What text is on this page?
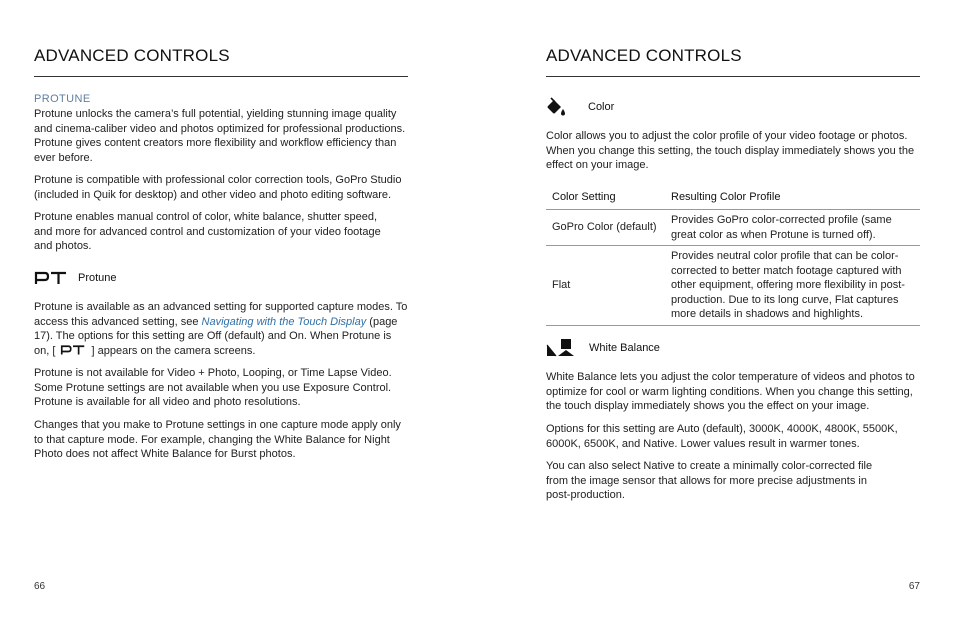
ADVANCED CONTROLS
PROTUNE

Protune unlocks the camera’s full potential, yielding stunning image quality and cinema-caliber video and photos optimized for professional productions. Protune gives content creators more flexibility and workflow efficiency than ever before.

Protune is compatible with professional color correction tools, GoPro Studio (included in Quik for desktop) and other video and photo editing software.

Protune enables manual control of color, white balance, shutter speed, and more for advanced control and customization of your video footage and photos.

Protune

Protune is available as an advanced setting for supported capture modes. To access this advanced setting, see Navigating with the Touch Display (page 17). The options for this setting are Off (default) and On. When Protune is on, [	] appears on the camera screens.

Protune is not available for Video + Photo, Looping, or Time Lapse Video. Some Protune settings are not available when you use Exposure Control. Protune is available for all video and photo resolutions.

Changes that you make to Protune settings in one capture mode apply only to that capture mode. For example, changing the White Balance for Night Photo does not affect White Balance for Burst photos.

66
ADVANCED CONTROLS
Color

Color allows you to adjust the color profile of your video footage or photos. When you change this setting, the touch display immediately shows you the effect on your image.

Color Setting	Resulting Color Profile
GoPro Color (default)	Provides GoPro color-corrected profile (same great color as when Protune is turned off).
Flat	Provides neutral color profile that can be color-corrected to better match footage captured with other equipment, offering more flexibility in post-production. Due to its long curve, Flat captures more details in shadows and highlights.
White Balance

White Balance lets you adjust the color temperature of videos and photos to optimize for cool or warm lighting conditions. When you change this setting, the touch display immediately shows you the effect on your image.

Options for this setting are Auto (default), 3000K, 4000K, 4800K, 5500K, 6000K, 6500K, and Native. Lower values result in warmer tones.

You can also select Native to create a minimally color-corrected file from the image sensor that allows for more precise adjustments in post-production.

67
